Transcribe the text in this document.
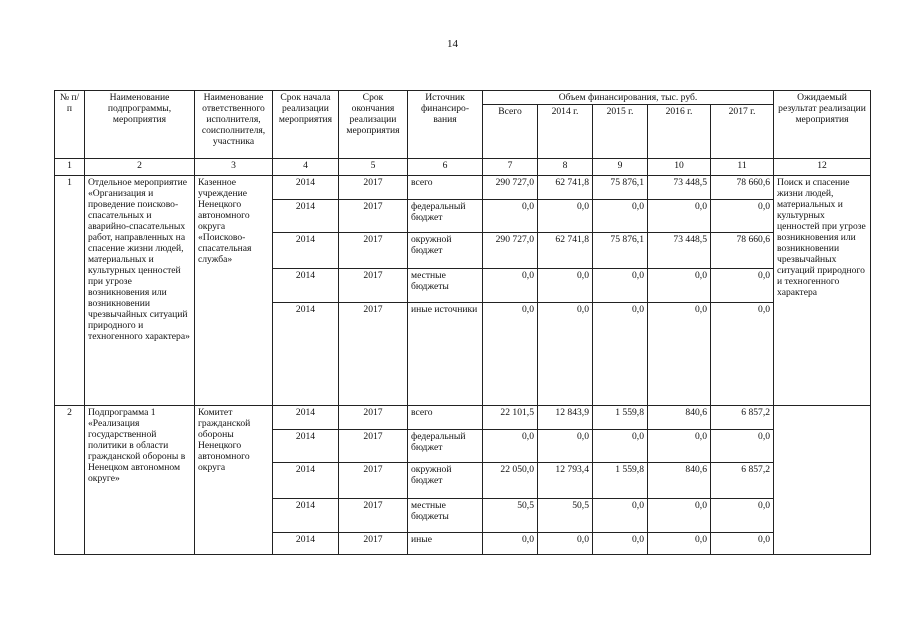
14
№ п/п	Наименование подпрограммы, мероприятия	Наименование ответственного исполнителя, соисполнителя, участника	Срок начала реализации мероприятия	Срок окончания реализации мероприятия	Источник финансиро-вания	Объем финансирования, тыс. руб.					Ожидаемый результат реализации мероприятия
						Всего	2014 г.	2015 г.	2016 г.	2017 г.	
1	2	3	4	5	6	7	8	9	10	11	12
1	Отдельное мероприятие «Организация и проведение поисково-спасательных и аварийно-спасательных работ, направленных на спасение жизни людей, материальных и культурных ценностей при угрозе возникновения или возникновении чрезвычайных ситуаций природного и техногенного характера»	Казенное учреждение Ненецкого автономного округа «Поисково-спасательная служба»	2014	2017	всего	290 727,0	62 741,8	75 876,1	73 448,5	78 660,6	Поиск и спасение жизни людей, материальных и культурных ценностей при угрозе возникновения или возникновении чрезвычайных ситуаций природного и техногенного характера
			2014	2017	федеральный бюджет	0,0	0,0	0,0	0,0	0,0	
			2014	2017	окружной бюджет	290 727,0	62 741,8	75 876,1	73 448,5	78 660,6	
			2014	2017	местные бюджеты	0,0	0,0	0,0	0,0	0,0	
			2014	2017	иные источники	0,0	0,0	0,0	0,0	0,0	
2	Подпрограмма 1 «Реализация государственной политики в области гражданской обороны в Ненецком автономном округе»	Комитет гражданской обороны Ненецкого автономного округа	2014	2017	всего	22 101,5	12 843,9	1 559,8	840,6	6 857,2	
			2014	2017	федеральный бюджет	0,0	0,0	0,0	0,0	0,0	
			2014	2017	окружной бюджет	22 050,0	12 793,4	1 559,8	840,6	6 857,2	
			2014	2017	местные бюджеты	50,5	50,5	0,0	0,0	0,0	
			2014	2017	иные	0,0	0,0	0,0	0,0	0,0	
